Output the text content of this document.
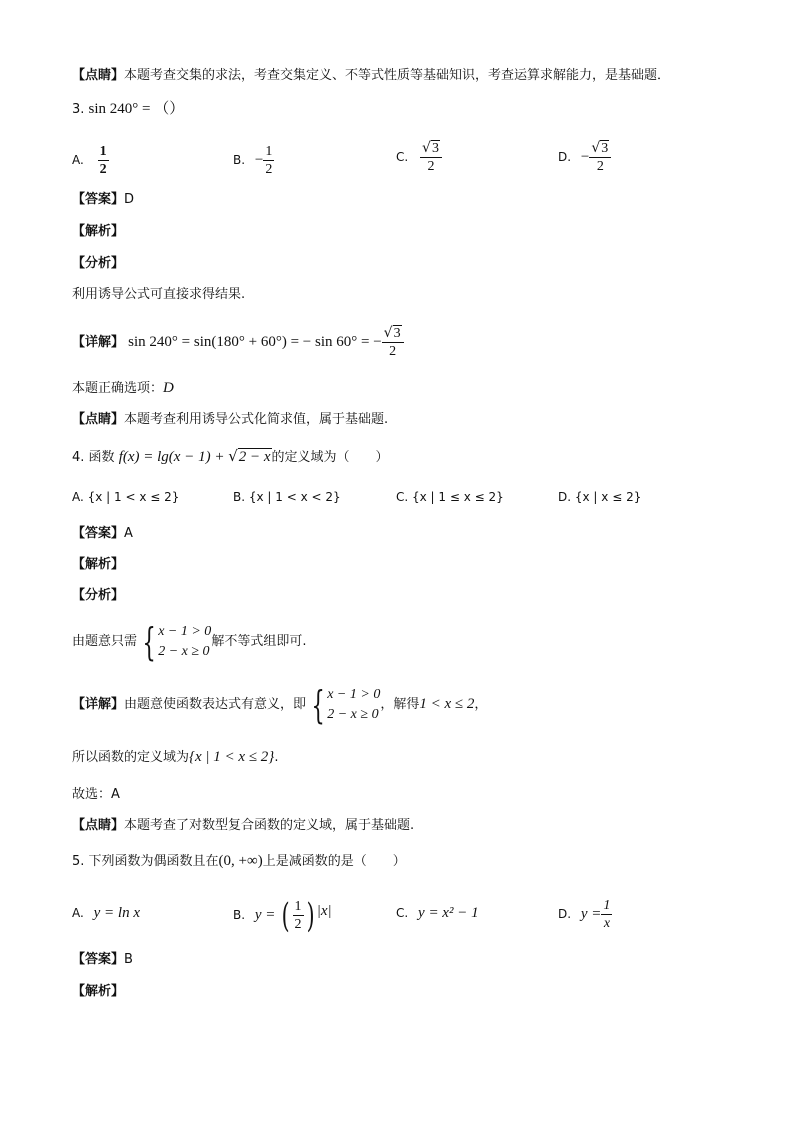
【点睛】本题考查交集的求法，考查交集定义、不等式性质等基础知识，考查运算求解能力，是基础题．
3. sin 240° = （）
A. $\frac{1}{2}$	B. − $\frac{1}{2}$	C. $\frac{√3}{2}$	D. − $\frac{√3}{2}$
【答案】D
【解析】
【分析】
利用诱导公式可直接求得结果.
【详解】 sin 240° = sin(180° + 60°) = − sin 60° = − $\frac{√3}{2}$
本题正确选项：D
【点睛】本题考查利用诱导公式化简求值，属于基础题.
4. 函数 f(x) = lg(x − 1) + √2 − x的定义域为（　　）
A. {x | 1 < x ≤ 2}	B. {x | 1 < x < 2}	C. {x | 1 ≤ x ≤ 2}	D. {x | x ≤ 2}
【答案】A
【解析】
【分析】
由题意只需 { x − 1 > 0
2 − x ≥ 0
解不等式组即可.
【详解】由题意使函数表达式有意义，即 { x − 1 > 0
2 − x ≥ 0
，解得1 < x ≤ 2，
所以函数的定义域为{x | 1 < x ≤ 2}.
故选：A
【点睛】本题考查了对数型复合函数的定义域，属于基础题.
5. 下列函数为偶函数且在(0, +∞)上是减函数的是（　　）
A. y = ln x	B. y = ( $\frac{1}{2}$ ) |x|	C. y = x² − 1	D. $y = \frac{1}{x}$
【答案】B
【解析】
